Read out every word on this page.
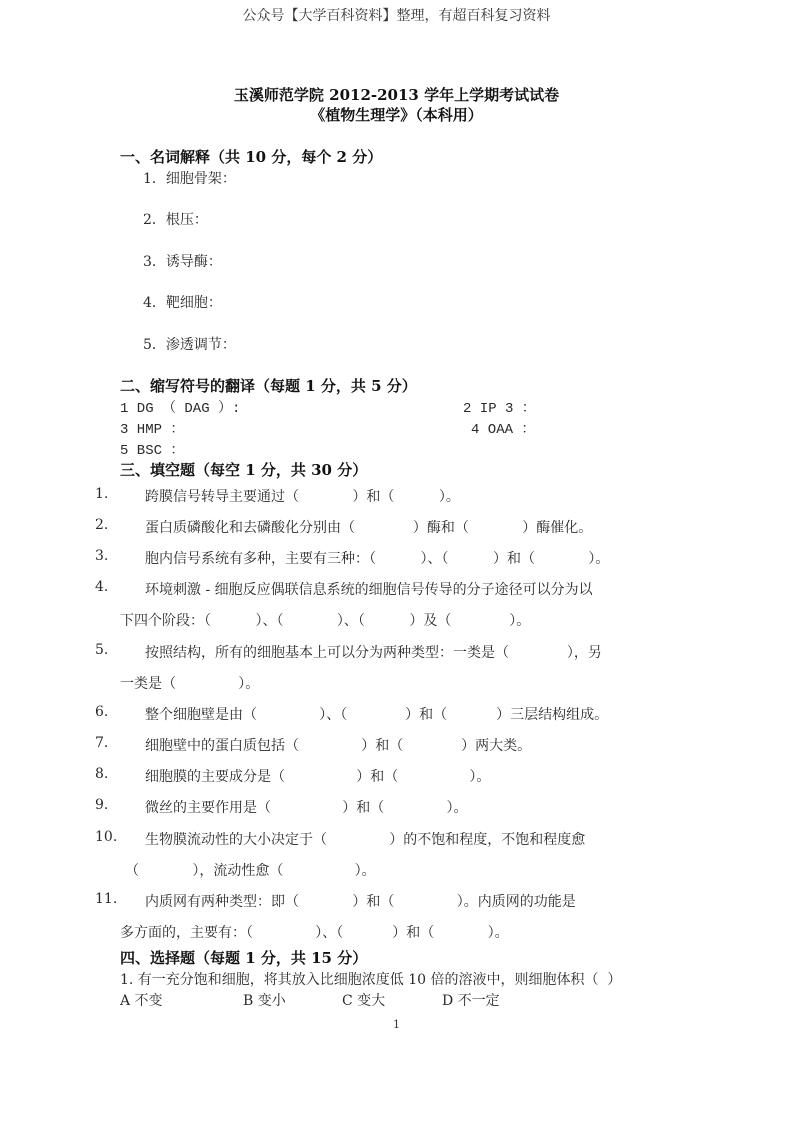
公众号【大学百科资料】整理，有超百科复习资料
玉溪师范学院 2012-2013 学年上学期考试试卷
《植物生理学》（本科用）
一、名词解释（共 10 分，每个 2 分）
1．细胞骨架：
2．根压：
3．诱导酶：
4．靶细胞：
5．渗透调节：
二、缩写符号的翻译（每题 1 分，共 5 分）
1 DG （ DAG ）:	2 IP 3 ：
3 HMP ：	4 OAA ：
5 BSC ：
三、填空题（每空 1 分，共 30 分）
1.	跨膜信号转导主要通过（            ）和（          ）。
2.	蛋白质磷酸化和去磷酸化分别由（             ）酶和（            ）酶催化。
3.	胞内信号系统有多种，主要有三种：（          ）、（          ）和（            ）。
4.	环境刺激 - 细胞反应偶联信息系统的细胞信号传导的分子途径可以分为以
下四个阶段：（          ）、（            ）、（          ）及（             ）。
5.	按照结构，所有的细胞基本上可以分为两种类型：一类是（             ），另
一类是（              ）。
6.	整个细胞壁是由（              ）、（             ）和（           ）三层结构组成。
7.	细胞壁中的蛋白质包括（              ）和（             ）两大类。
8.	细胞膜的主要成分是（                ）和（                ）。
9.	微丝的主要作用是（                ）和（              ）。
10. 生物膜流动性的大小决定于（              ）的不饱和程度，不饱和程度愈
（            ），流动性愈（                ）。
11. 内质网有两种类型：即（            ）和（              ）。内质网的功能是
多方面的，主要有：（              ）、（           ）和（            ）。
四、选择题（每题 1 分，共 15 分）
1. 有一充分饱和细胞，将其放入比细胞浓度低 10 倍的溶液中，则细胞体积（  ）
A 不变	B 变小	C 变大	D 不一定
1
